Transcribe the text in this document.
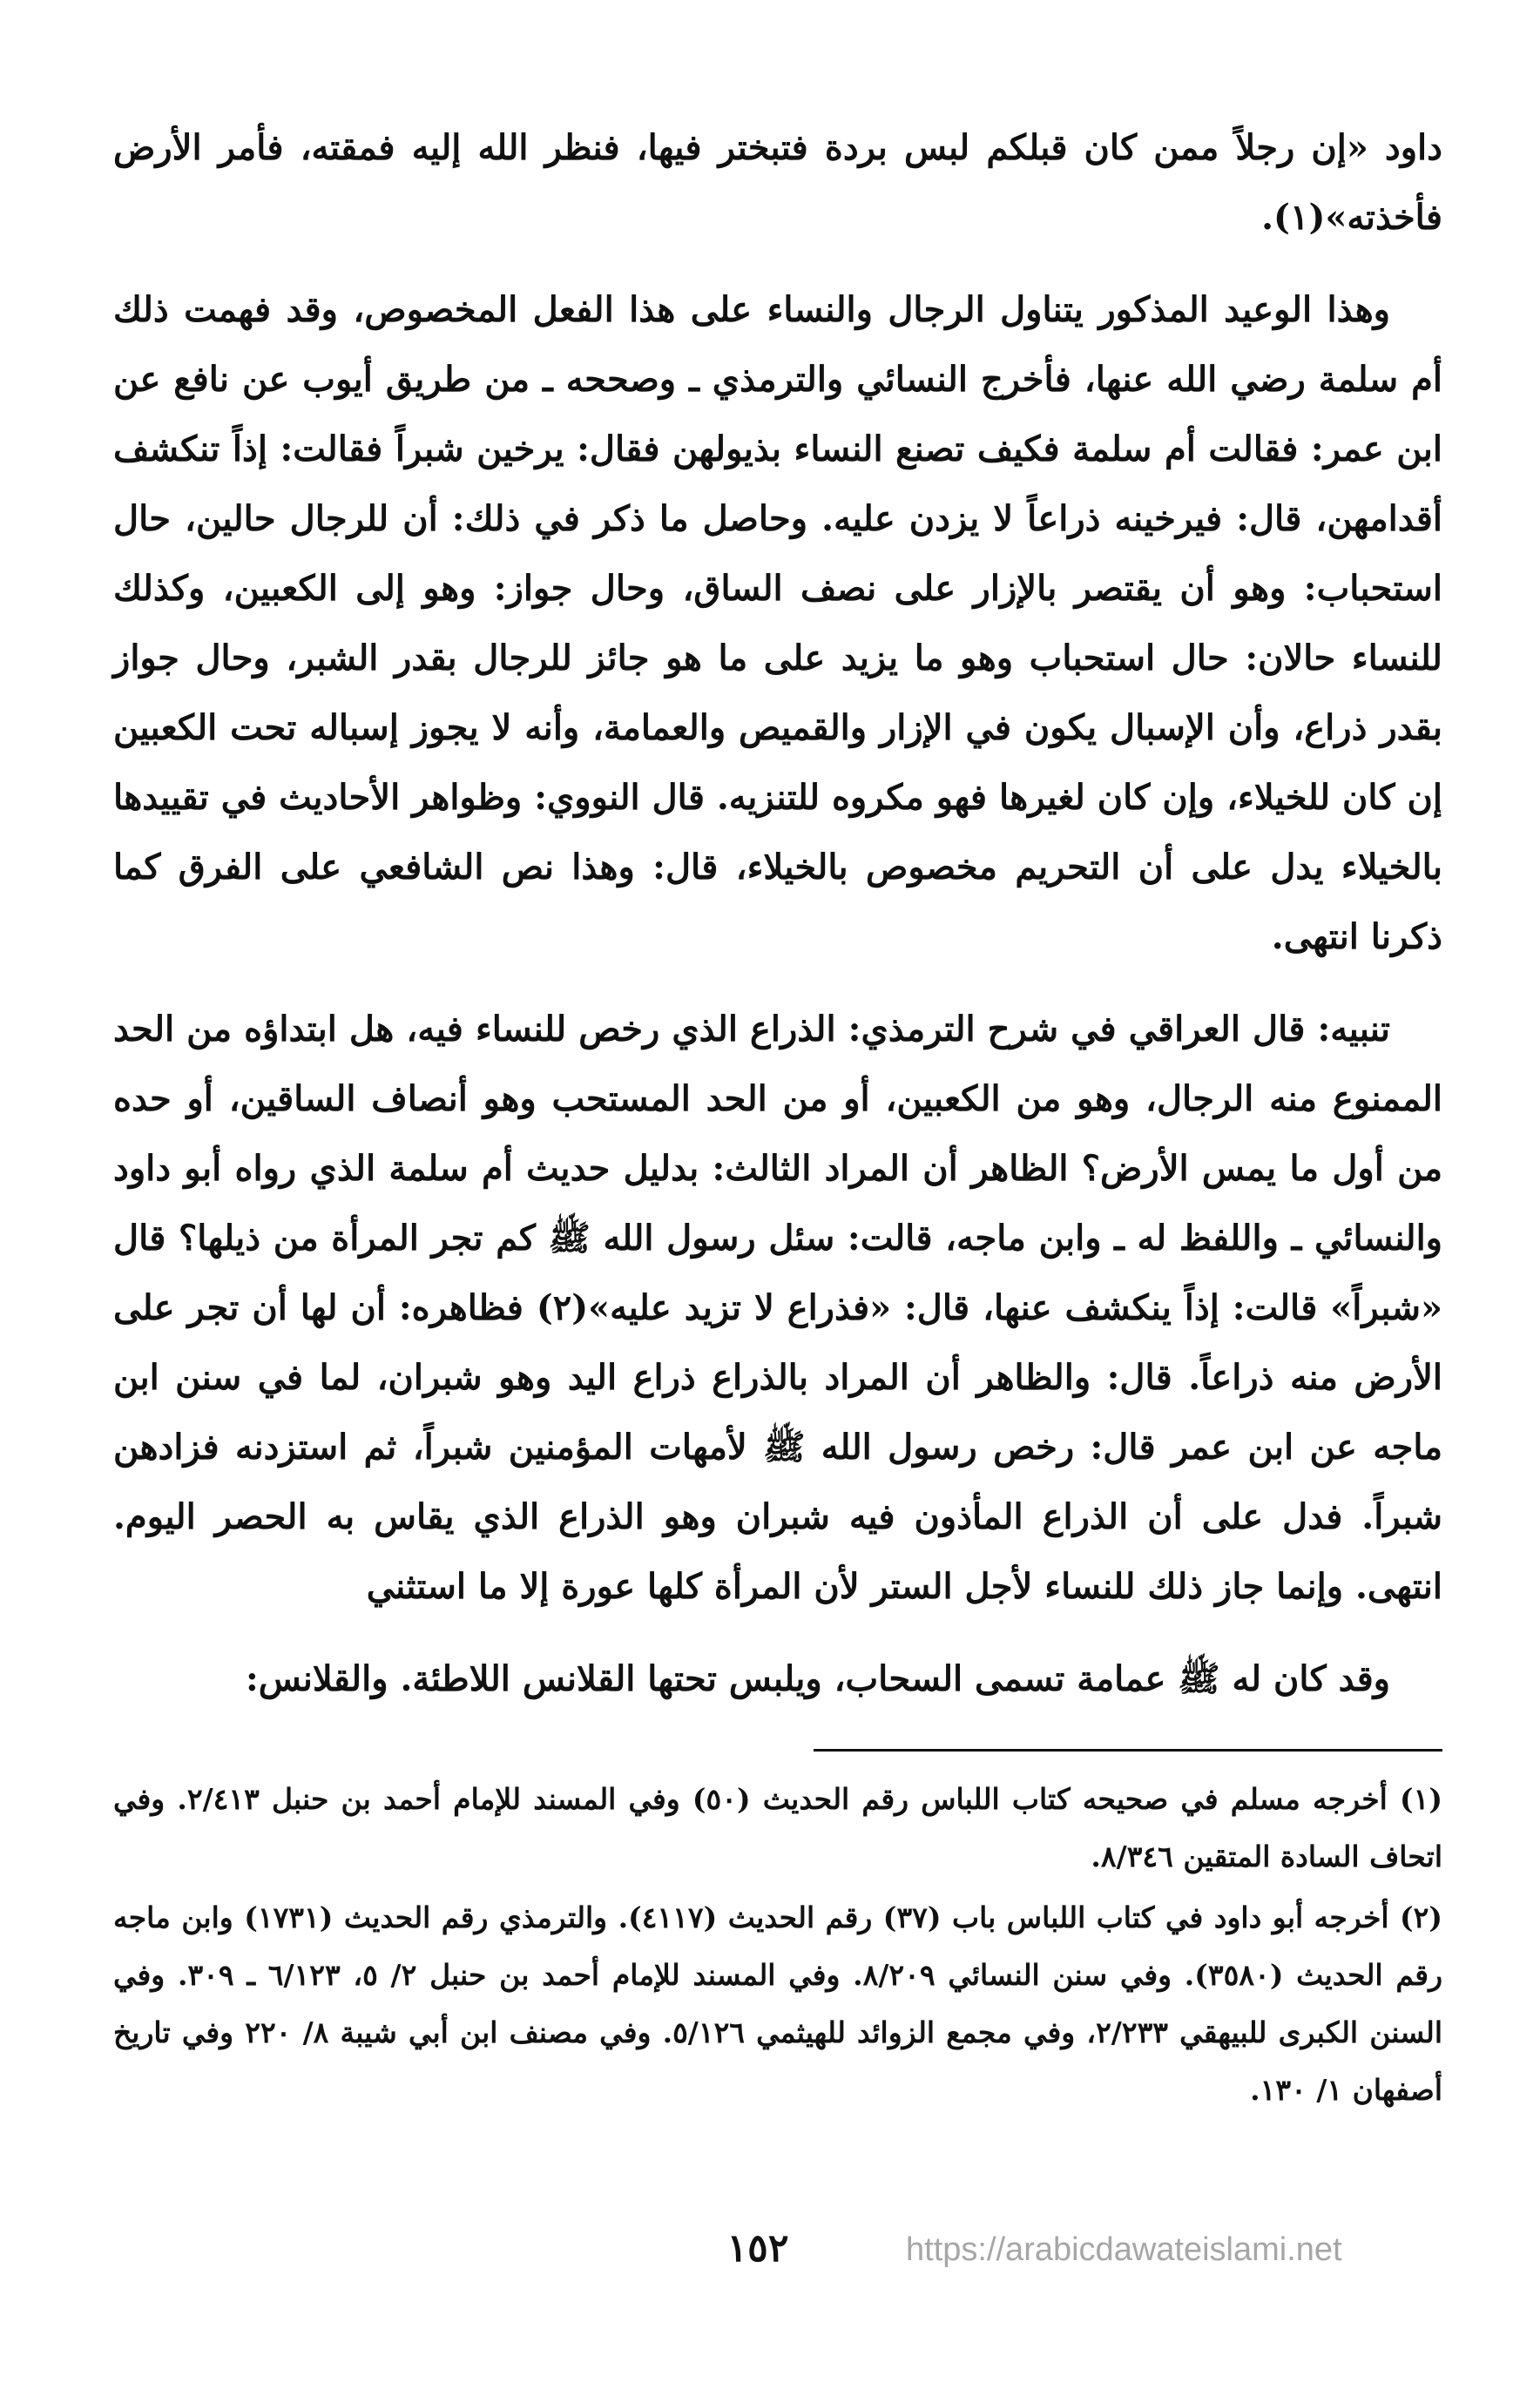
داود «إن رجلاً ممن كان قبلكم لبس بردة فتبختر فيها، فنظر الله إليه فمقته، فأمر الأرض فأخذته»(١).

وهذا الوعيد المذكور يتناول الرجال والنساء على هذا الفعل المخصوص، وقد فهمت ذلك أم سلمة رضي الله عنها، فأخرج النسائي والترمذي ـ وصححه ـ من طريق أيوب عن نافع عن ابن عمر: فقالت أم سلمة فكيف تصنع النساء بذيولهن فقال: يرخين شبراً فقالت: إذاً تنكشف أقدامهن، قال: فيرخينه ذراعاً لا يزدن عليه. وحاصل ما ذكر في ذلك: أن للرجال حالين، حال استحباب: وهو أن يقتصر بالإزار على نصف الساق، وحال جواز: وهو إلى الكعبين، وكذلك للنساء حالان: حال استحباب وهو ما يزيد على ما هو جائز للرجال بقدر الشبر، وحال جواز بقدر ذراع، وأن الإسبال يكون في الإزار والقميص والعمامة، وأنه لا يجوز إسباله تحت الكعبين إن كان للخيلاء، وإن كان لغيرها فهو مكروه للتنزيه. قال النووي: وظواهر الأحاديث في تقييدها بالخيلاء يدل على أن التحريم مخصوص بالخيلاء، قال: وهذا نص الشافعي على الفرق كما ذكرنا انتهى.

تنبيه: قال العراقي في شرح الترمذي: الذراع الذي رخص للنساء فيه، هل ابتداؤه من الحد الممنوع منه الرجال، وهو من الكعبين، أو من الحد المستحب وهو أنصاف الساقين، أو حده من أول ما يمس الأرض؟ الظاهر أن المراد الثالث: بدليل حديث أم سلمة الذي رواه أبو داود والنسائي ـ واللفظ له ـ وابن ماجه، قالت: سئل رسول الله ﷺ كم تجر المرأة من ذيلها؟ قال «شبراً» قالت: إذاً ينكشف عنها، قال: «فذراع لا تزيد عليه»(٢) فظاهره: أن لها أن تجر على الأرض منه ذراعاً. قال: والظاهر أن المراد بالذراع ذراع اليد وهو شبران، لما في سنن ابن ماجه عن ابن عمر قال: رخص رسول الله ﷺ لأمهات المؤمنين شبراً، ثم استزدنه فزادهن شبراً. فدل على أن الذراع المأذون فيه شبران وهو الذراع الذي يقاس به الحصر اليوم. انتهى. وإنما جاز ذلك للنساء لأجل الستر لأن المرأة كلها عورة إلا ما استثني

وقد كان له ﷺ عمامة تسمى السحاب، ويلبس تحتها القلانس اللاطئة. والقلانس:

(١) أخرجه مسلم في صحيحه كتاب اللباس رقم الحديث (٥٠) وفي المسند للإمام أحمد بن حنبل ٢/٤١٣. وفي اتحاف السادة المتقين ٨/٣٤٦.

(٢) أخرجه أبو داود في كتاب اللباس باب (٣٧) رقم الحديث (٤١١٧). والترمذي رقم الحديث (١٧٣١) وابن ماجه رقم الحديث (٣٥٨٠). وفي سنن النسائي ٨/٢٠٩. وفي المسند للإمام أحمد بن حنبل ٢/ ٥، ٦/١٢٣ ـ ٣٠٩. وفي السنن الكبرى للبيهقي ٢/٢٣٣، وفي مجمع الزوائد للهيثمي ٥/١٢٦. وفي مصنف ابن أبي شيبة ٨/ ٢٢٠ وفي تاريخ أصفهان ١/ ١٣٠.

١٥٢	https://arabicdawateislami.net
